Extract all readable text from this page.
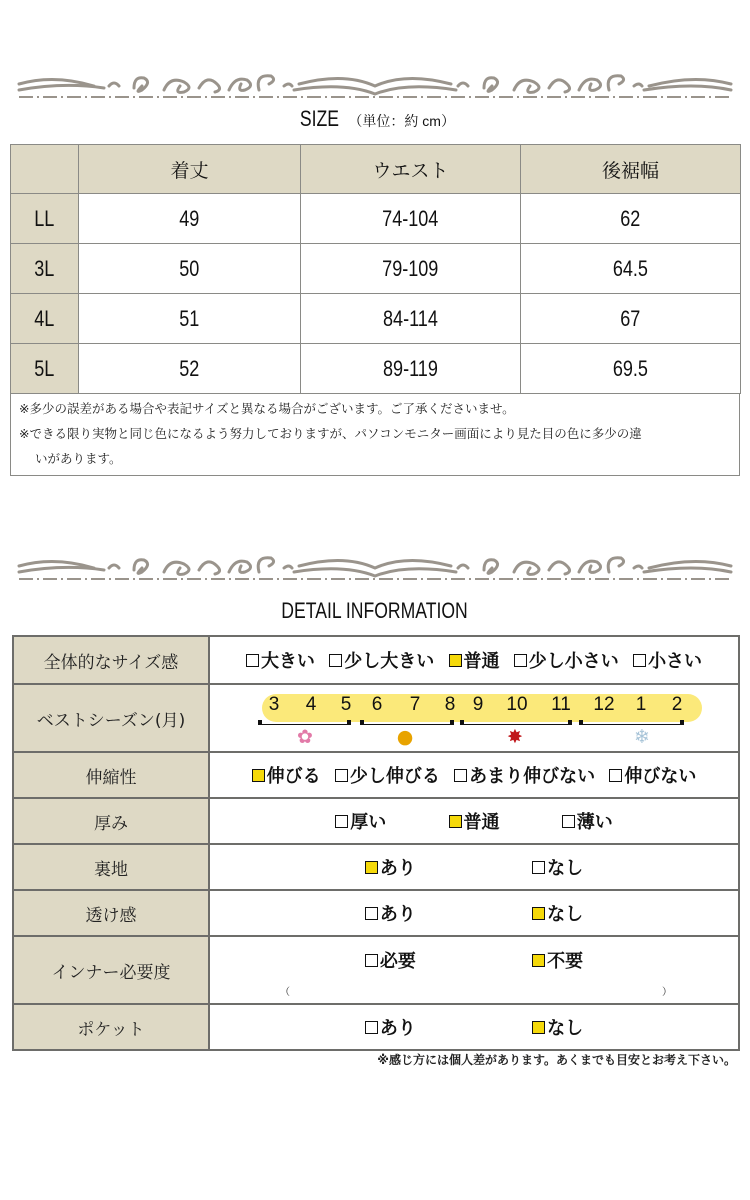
SIZE （単位：約 cm）
	着丈	ウエスト	後裾幅
LL	49	74-104	62
3L	50	79-109	64.5
4L	51	84-114	67
5L	52	89-119	69.5
※多少の誤差がある場合や表記サイズと異なる場合がございます。ご了承くださいませ。
※できる限り実物と同じ色になるよう努力しておりますが、パソコンモニター画面により見た目の色に多少の違
いがあります。
DETAIL INFORMATION
全体的なサイズ感	大きい
少し大きい
普通
少し小さい
小さい

ベストシーズン(月)	
3	4	5	6	7	8 9	10 11 12	1	2
✿	●	✸	❄

伸縮性	伸びる
少し伸びる
あまり伸びない
伸びない

厚み	厚い
普通
薄い

裏地	あり
なし

透け感	あり
なし

インナー必要度	必要
不要
（ ）

ポケット	あり
なし
※感じ方には個人差があります。あくまでも目安とお考え下さい。
